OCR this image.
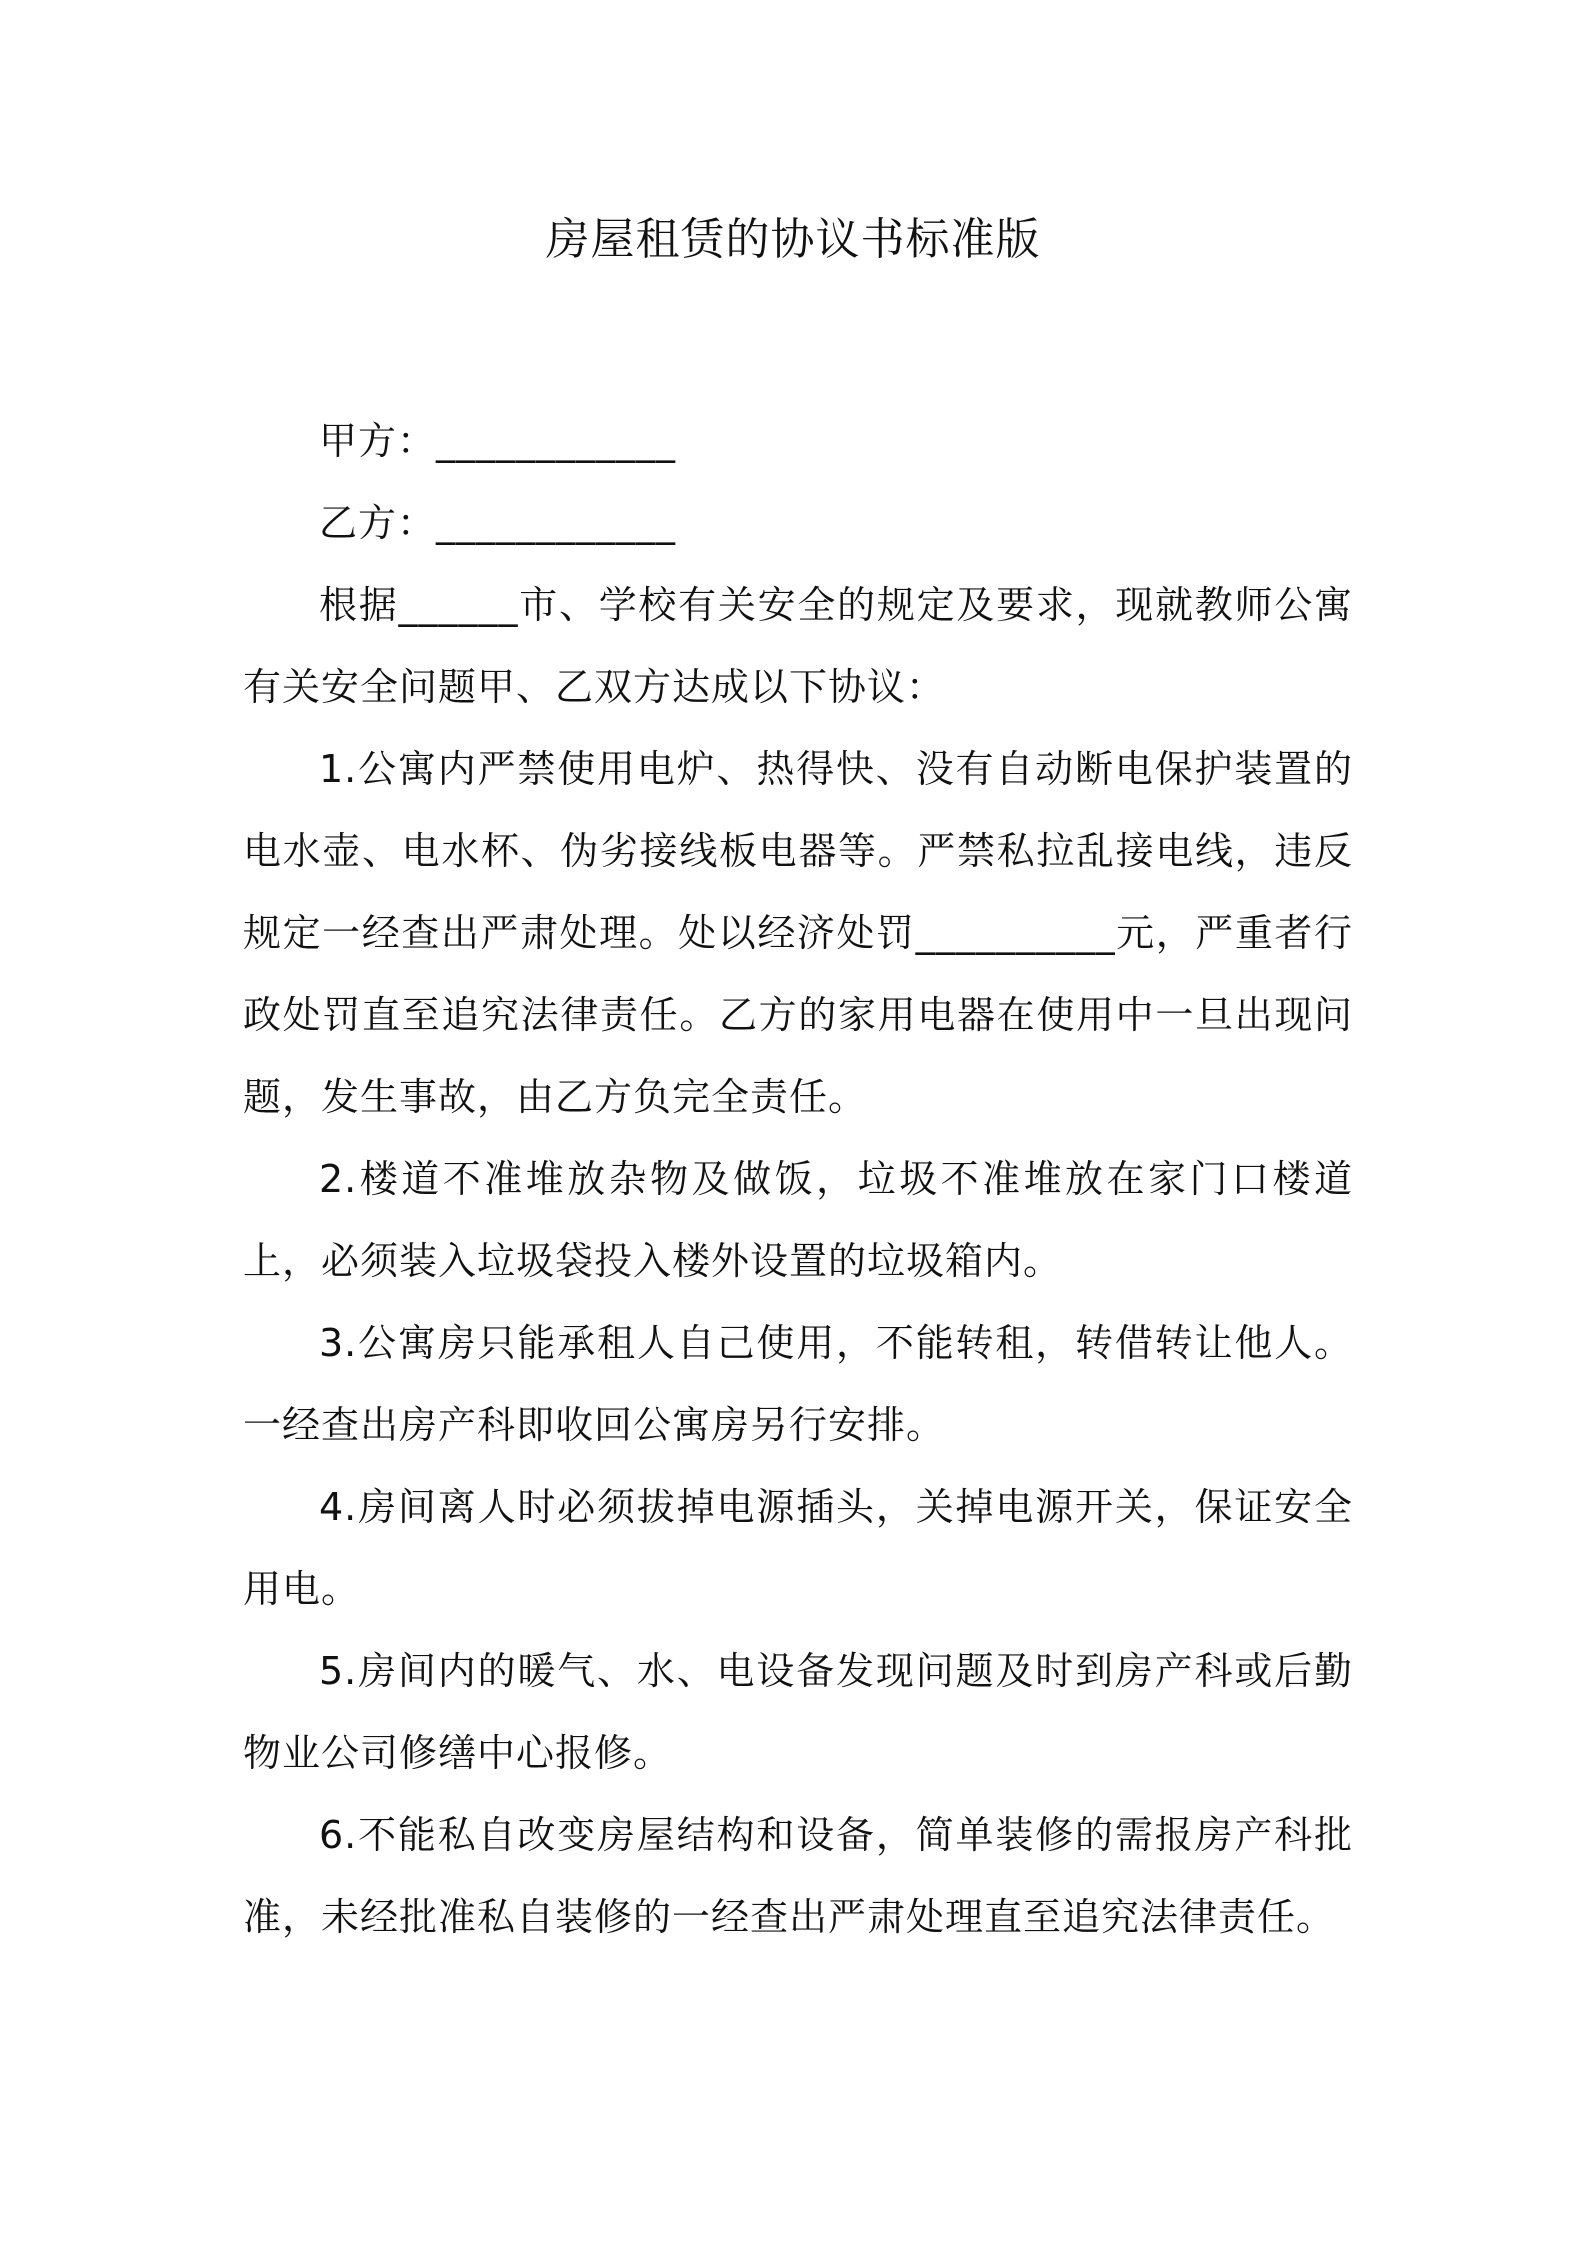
房屋租赁的协议书标准版

甲方：____________

乙方：____________

根据______市、学校有关安全的规定及要求，现就教师公寓有关安全问题甲、乙双方达成以下协议：

1.公寓内严禁使用电炉、热得快、没有自动断电保护装置的电水壶、电水杯、伪劣接线板电器等。严禁私拉乱接电线，违反规定一经查出严肃处理。处以经济处罚__________元，严重者行政处罚直至追究法律责任。乙方的家用电器在使用中一旦出现问题，发生事故，由乙方负完全责任。

2.楼道不准堆放杂物及做饭，垃圾不准堆放在家门口楼道上，必须装入垃圾袋投入楼外设置的垃圾箱内。

3.公寓房只能承租人自己使用，不能转租，转借转让他人。一经查出房产科即收回公寓房另行安排。

4.房间离人时必须拔掉电源插头，关掉电源开关，保证安全用电。

5.房间内的暖气、水、电设备发现问题及时到房产科或后勤物业公司修缮中心报修。

6.不能私自改变房屋结构和设备，简单装修的需报房产科批准，未经批准私自装修的一经查出严肃处理直至追究法律责任。
